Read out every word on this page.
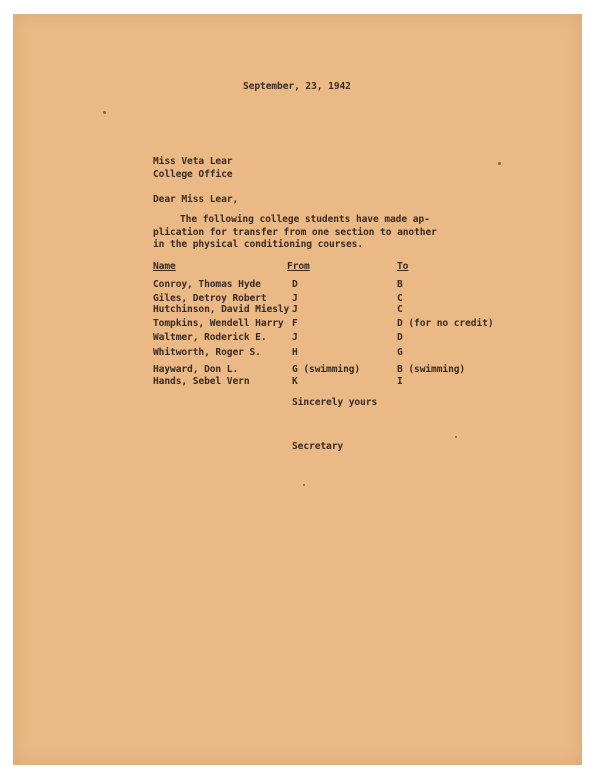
September, 23, 1942
Miss Veta Lear
College Office
Dear Miss Lear,
The following college students have made ap-
plication for transfer from one section to another
in the physical conditioning courses.
Name	From	To
Conroy, Thomas Hyde	D	B
Giles, Detroy Robert	J	C
Hutchinson, David Miesly J	C
Tompkins, Wendell Harry F	D (for no credit)
Waltmer, Roderick E.	J	D
Whitworth, Roger S.	H	G
Hayward, Don L.	G (swimming)	B (swimming)
Hands, Sebel Vern	K	I
Sincerely yours
Secretary
